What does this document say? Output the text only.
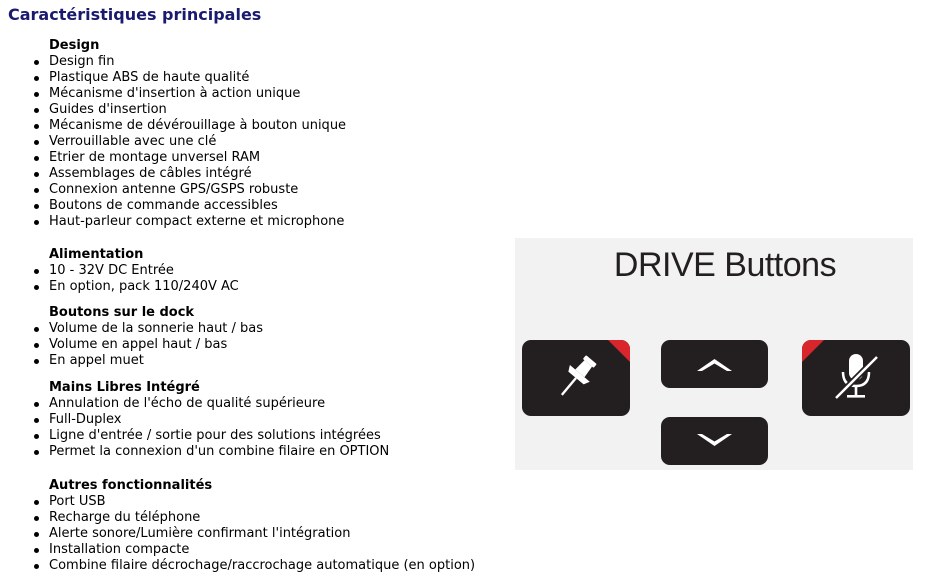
Caractéristiques principales
Design
Design fin
Plastique ABS de haute qualité
Mécanisme d'insertion à action unique
Guides d'insertion
Mécanisme de dévérouillage à bouton unique
Verrouillable avec une clé
Etrier de montage unversel RAM
Assemblages de câbles intégré
Connexion antenne GPS/GSPS robuste
Boutons de commande accessibles
Haut-parleur compact externe et microphone
Alimentation
10 - 32V DC Entrée
En option, pack 110/240V AC
Boutons sur le dock
Volume de la sonnerie haut / bas
Volume en appel haut / bas
En appel muet
Mains Libres Intégré
Annulation de l'écho de qualité supérieure
Full-Duplex
Ligne d'entrée / sortie pour des solutions intégrées
Permet la connexion d'un combine filaire en OPTION
Autres fonctionnalités
Port USB
Recharge du téléphone
Alerte sonore/Lumière confirmant l'intégration
Installation compacte
Combine filaire décrochage/raccrochage automatique (en option)
DRIVE Buttons
